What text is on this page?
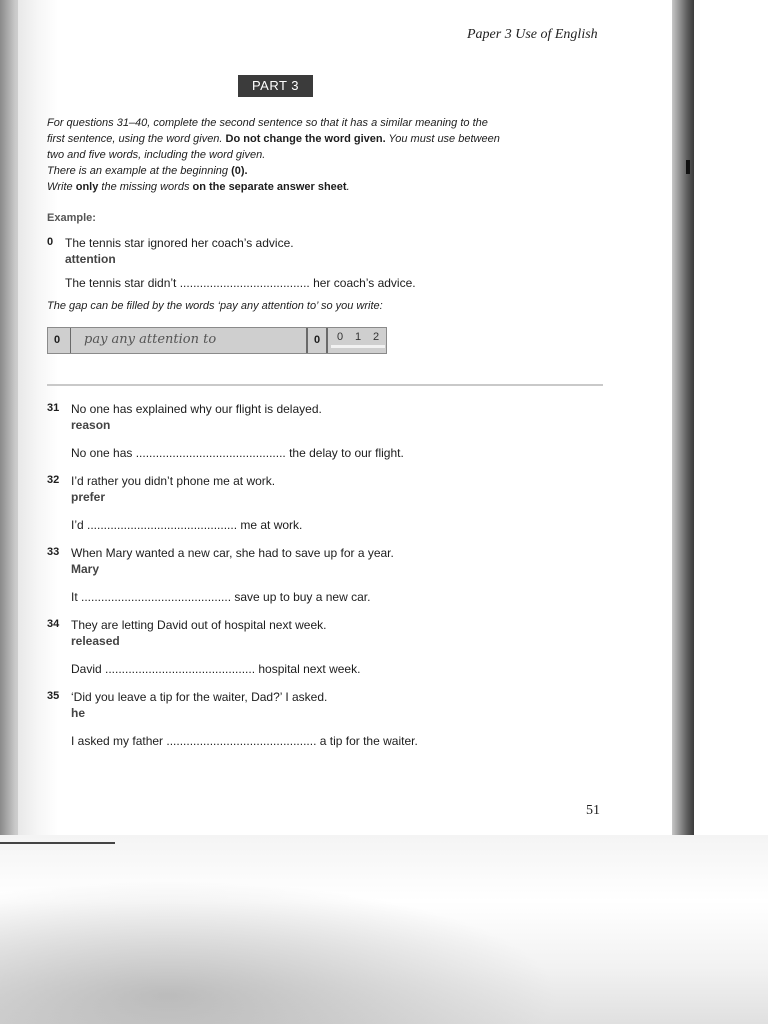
Paper 3 Use of English
PART 3
For questions 31–40, complete the second sentence so that it has a similar meaning to the first sentence, using the word given. Do not change the word given. You must use between two and five words, including the word given.
There is an example at the beginning (0).
Write only the missing words on the separate answer sheet.
Example:
0 The tennis star ignored her coach’s advice.
attention
The tennis star didn’t ....................................... her coach’s advice.
The gap can be filled by the words ‘pay any attention to’ so you write:
0 pay any attention to	0	0	1	2
31 No one has explained why our flight is delayed.
reason
No one has ............................................. the delay to our flight.
32 I’d rather you didn’t phone me at work.
prefer
I’d ............................................. me at work.
33 When Mary wanted a new car, she had to save up for a year.
Mary
It ............................................. save up to buy a new car.
34 They are letting David out of hospital next week.
released
David ............................................. hospital next week.
35 ‘Did you leave a tip for the waiter, Dad?’ I asked.
he
I asked my father ............................................. a tip for the waiter.
51
